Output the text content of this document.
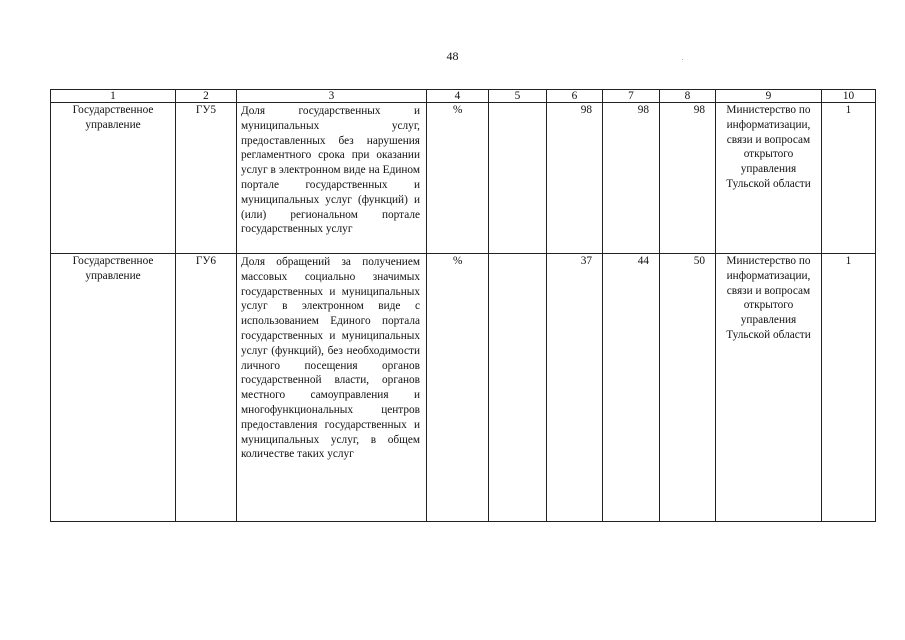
48
1	2	3	4	5	6	7	8	9	10
Государственное управление	ГУ5	Доля государственных и муниципальных услуг, предоставленных без нарушения регламентного срока при оказании услуг в электронном виде на Едином портале государственных и муниципальных услуг (функций) и (или) региональном портале государственных услуг	%		98	98	98	Министерство по информатизации, связи и вопросам открытого управления Тульской области	1
Государственное управление	ГУ6	Доля обращений за получением массовых социально значимых государственных и муниципальных услуг в электронном виде с использованием Единого портала государственных и муниципальных услуг (функций), без необходимости личного посещения органов государственной власти, органов местного самоуправления и многофункциональных центров предоставления государственных и муниципальных услуг, в общем количестве таких услуг	%		37	44	50	Министерство по информатизации, связи и вопросам открытого управления Тульской области	1
